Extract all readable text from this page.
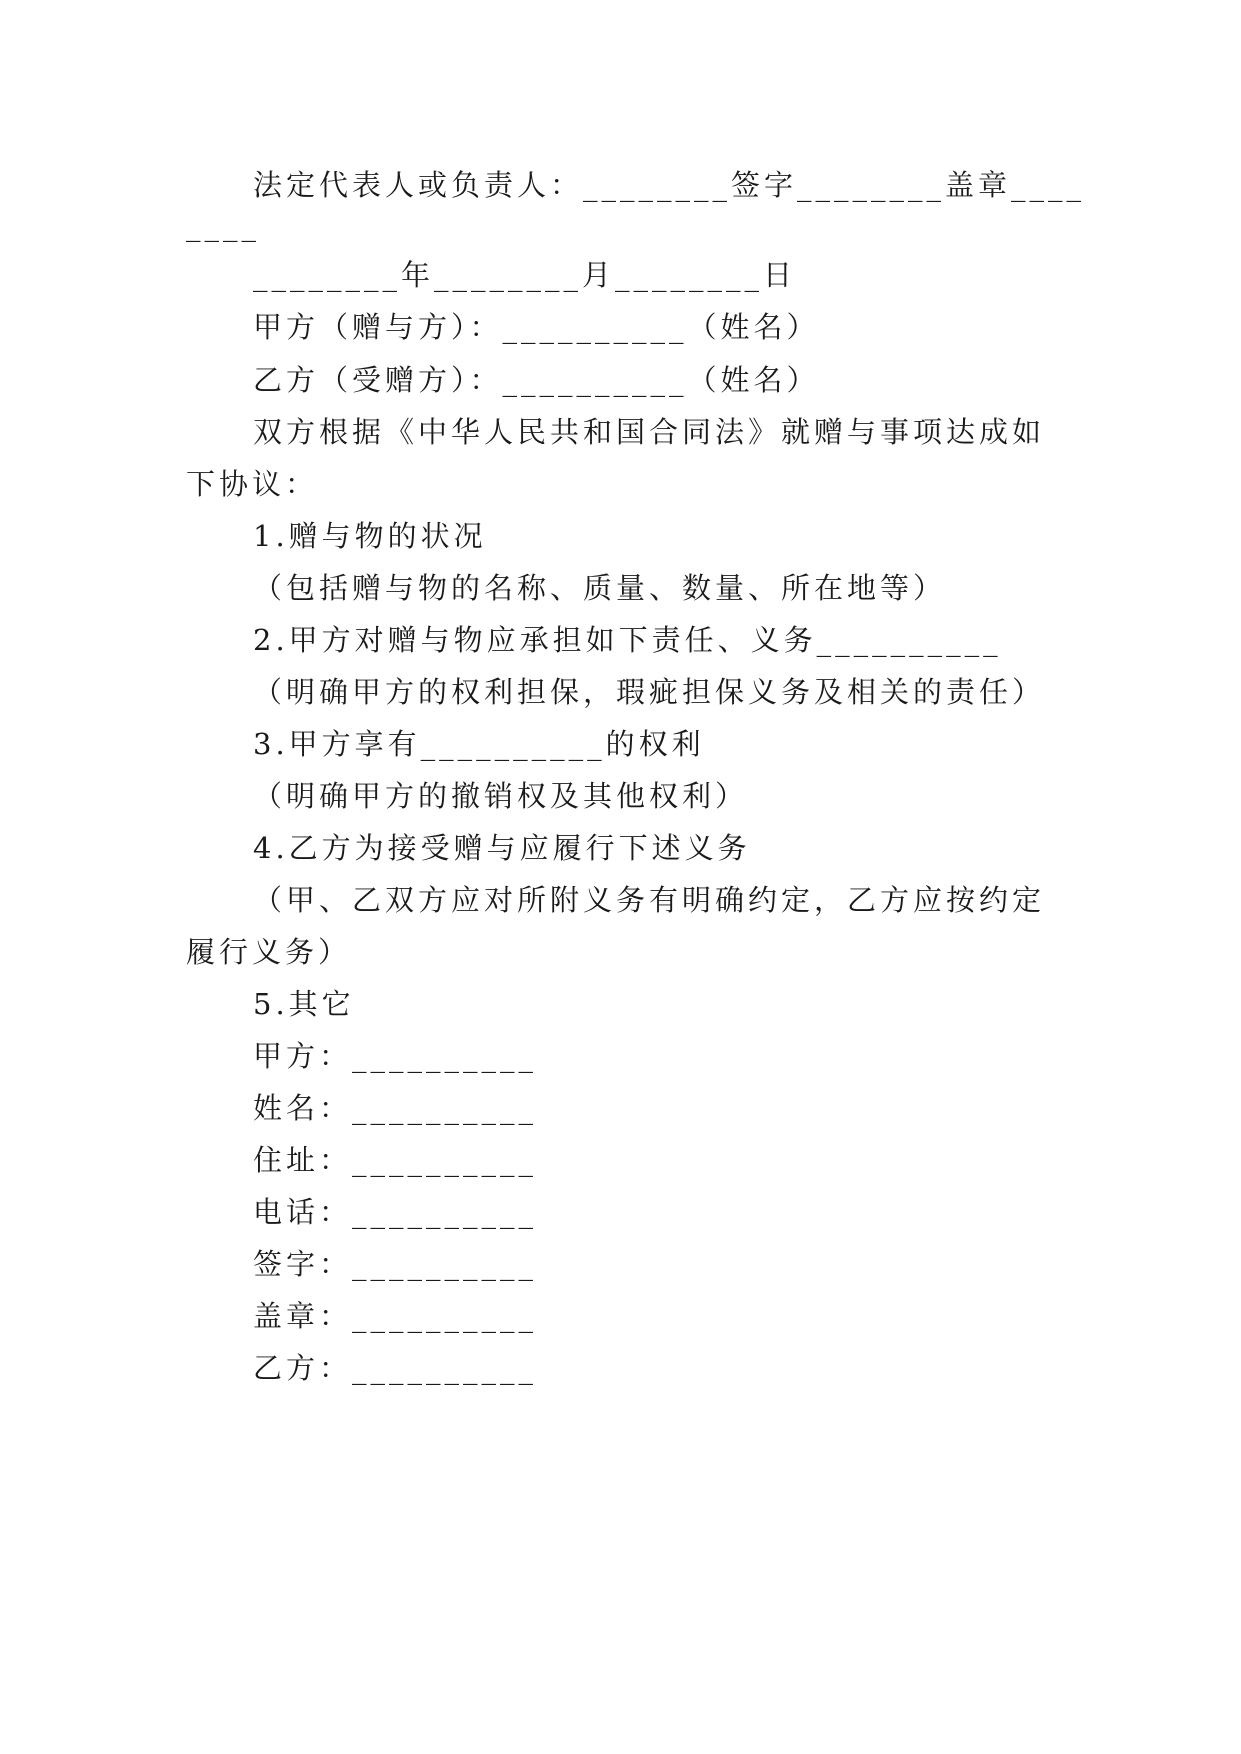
法定代表人或负责人：________签字________盖章____
____
________年________月________日
甲方（赠与方）：__________（姓名）
乙方（受赠方）：__________（姓名）
双方根据《中华人民共和国合同法》就赠与事项达成如
下协议：
1.赠与物的状况
（包括赠与物的名称、质量、数量、所在地等）
2.甲方对赠与物应承担如下责任、义务__________
（明确甲方的权利担保，瑕疵担保义务及相关的责任）
3.甲方享有__________的权利
（明确甲方的撤销权及其他权利）
4.乙方为接受赠与应履行下述义务
（甲、乙双方应对所附义务有明确约定，乙方应按约定
履行义务）
5.其它
甲方：__________
姓名：__________
住址：__________
电话：__________
签字：__________
盖章：__________
乙方：__________
